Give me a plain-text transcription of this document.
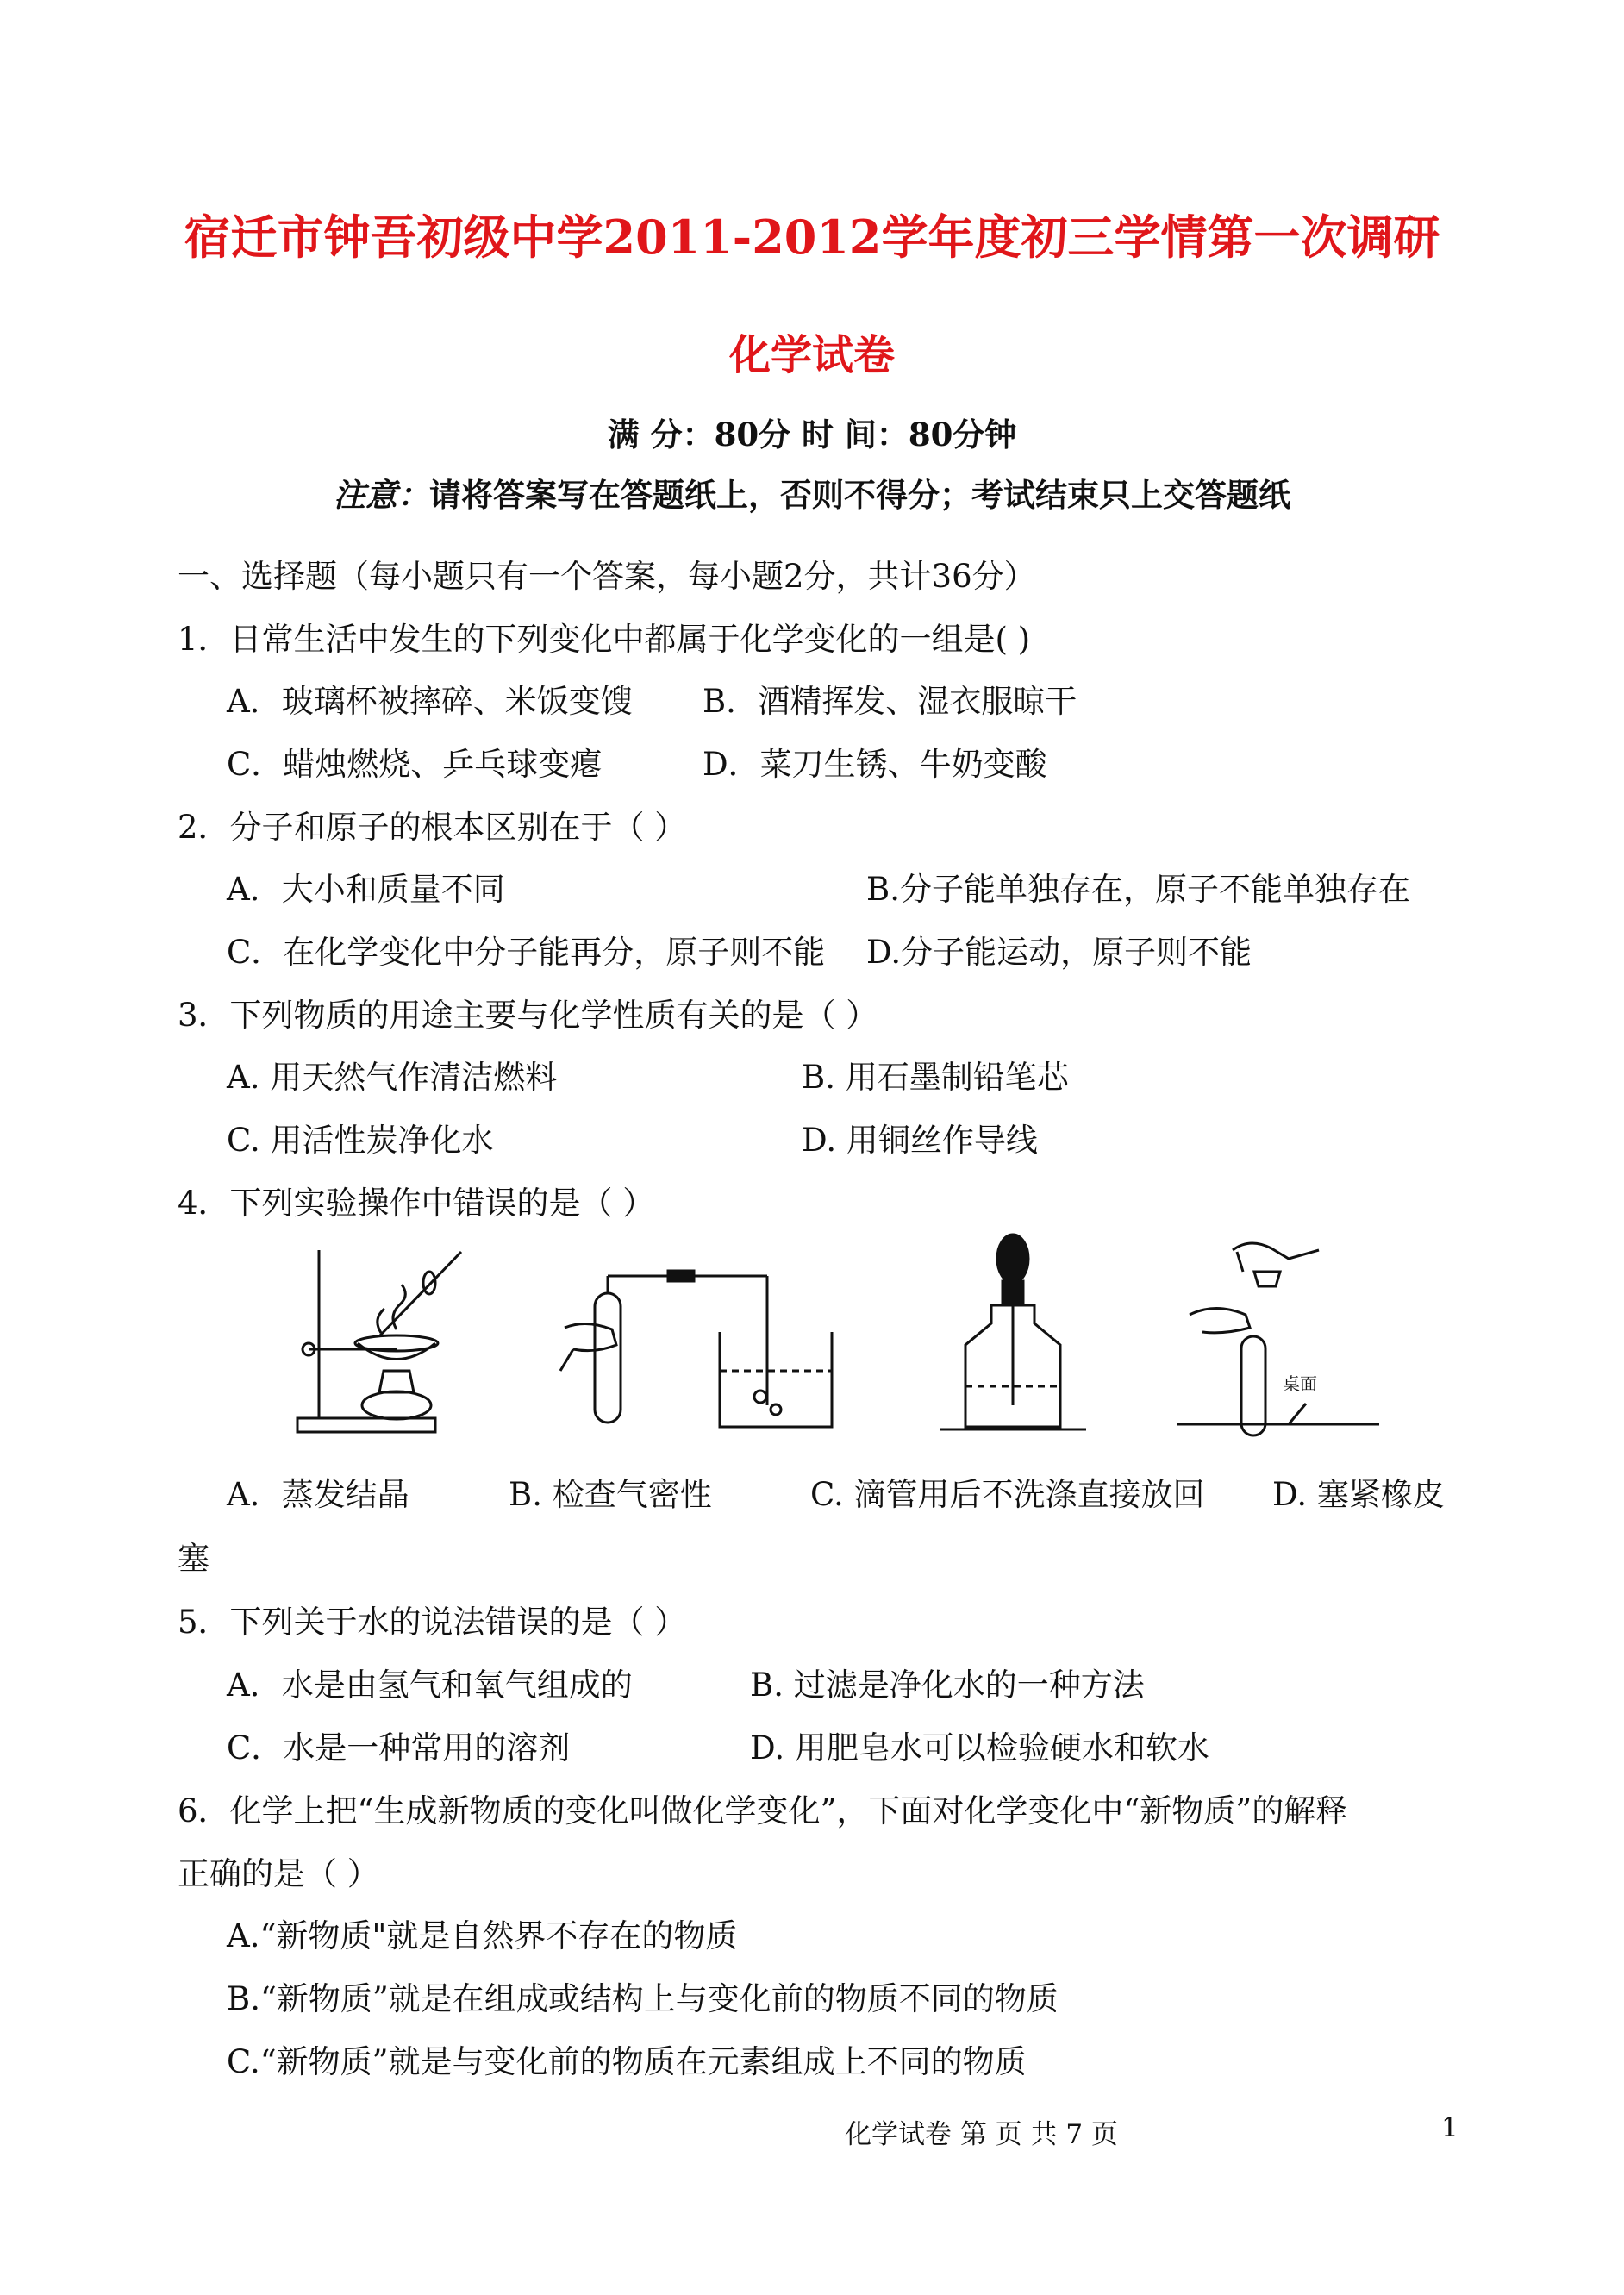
宿迁市钟吾初级中学2011-2012学年度初三学情第一次调研
化学试卷
满 分：80分 时 间：80分钟
注意：请将答案写在答题纸上，否则不得分；考试结束只上交答题纸
一、选择题（每小题只有一个答案，每小题2分，共计36分）
1．日常生活中发生的下列变化中都属于化学变化的一组是( )
A．玻璃杯被摔碎、米饭变馊 B．酒精挥发、湿衣服晾干
C．蜡烛燃烧、乒乓球变瘪	D．菜刀生锈、牛奶变酸
2．分子和原子的根本区别在于（ ）
A．大小和质量不同	B.分子能单独存在，原子不能单独存在
C．在化学变化中分子能再分，原子则不能 D.分子能运动，原子则不能
3．下列物质的用途主要与化学性质有关的是（ ）
A. 用天然气作清洁燃料	B. 用石墨制铅笔芯
C. 用活性炭净化水	D. 用铜丝作导线
4．下列实验操作中错误的是（ ）
桌面
A．蒸发结晶	B. 检查气密性	C. 滴管用后不洗涤直接放回 D. 塞紧橡皮
塞
5．下列关于水的说法错误的是（ ）
A．水是由氢气和氧气组成的	B. 过滤是净化水的一种方法
C．水是一种常用的溶剂	D. 用肥皂水可以检验硬水和软水
6．化学上把“生成新物质的变化叫做化学变化”，下面对化学变化中“新物质”的解释
正确的是（ ）
A.“新物质"就是自然界不存在的物质
B.“新物质”就是在组成或结构上与变化前的物质不同的物质
C.“新物质”就是与变化前的物质在元素组成上不同的物质
化学试卷 第 页 共 7 页	1
